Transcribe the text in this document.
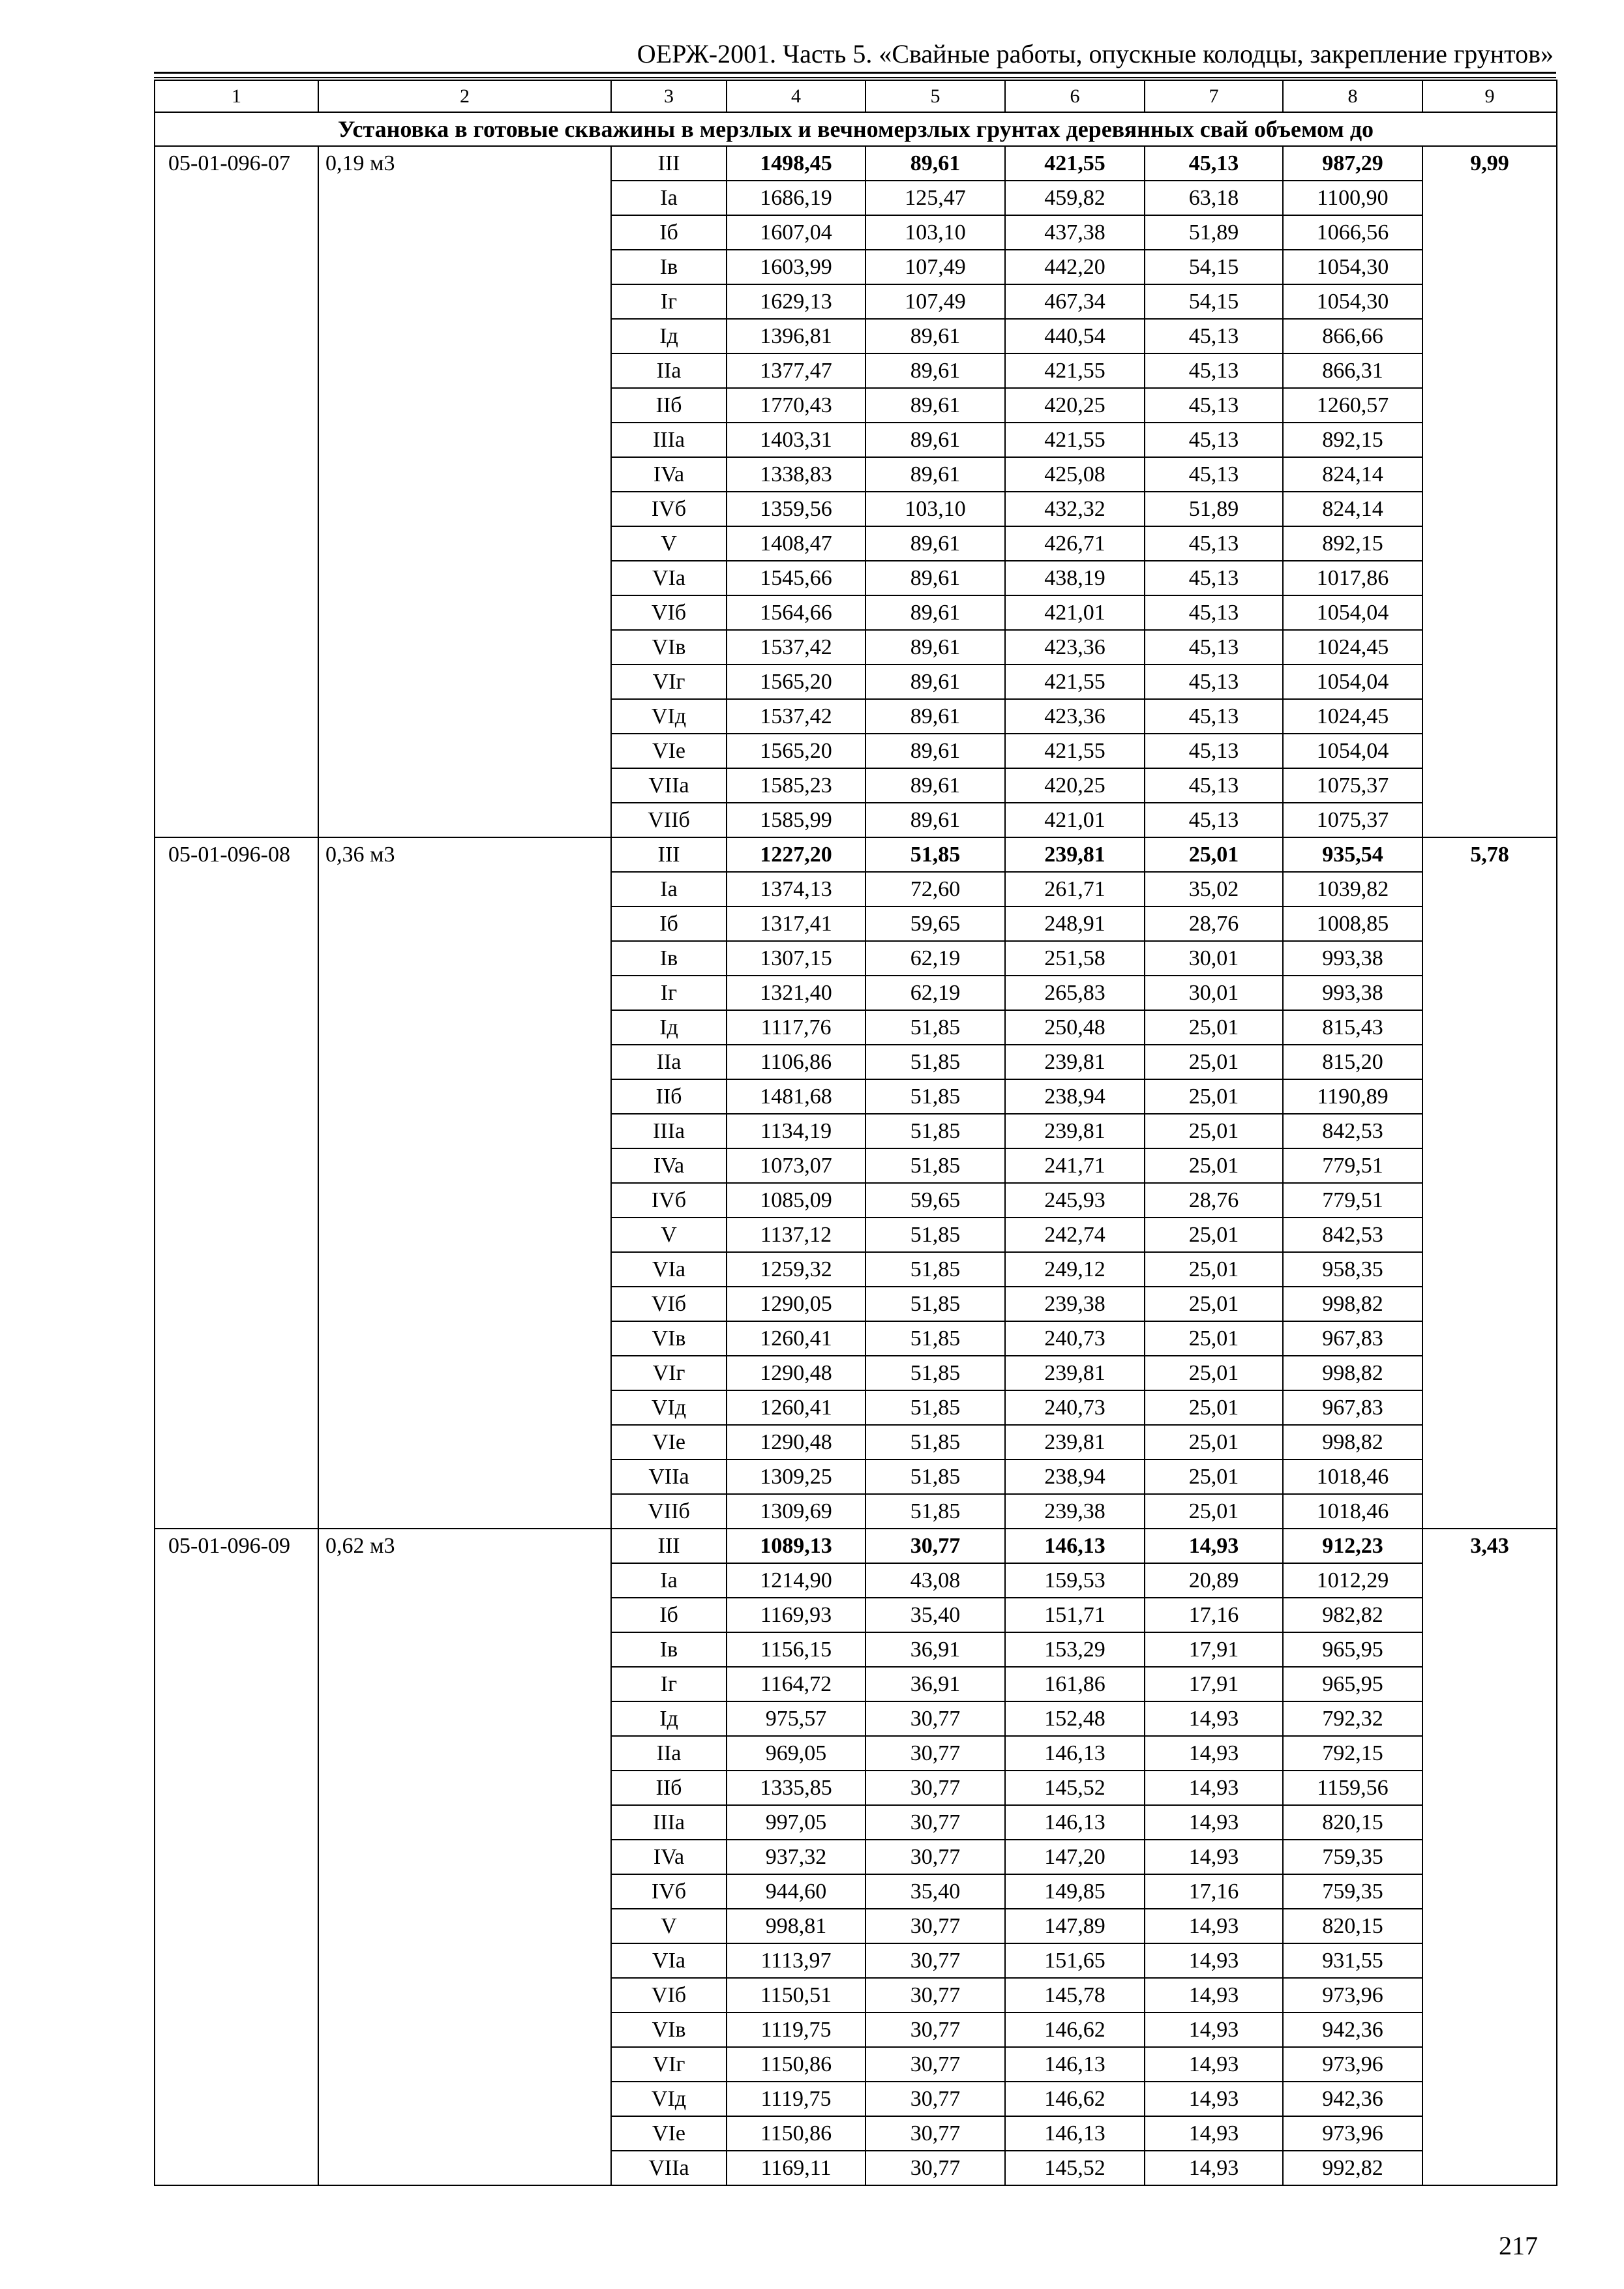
ОЕРЖ-2001. Часть 5. «Свайные работы, опускные колодцы, закрепление грунтов»
1	2	3	4	5	6	7	8	9
Установка в готовые скважины в мерзлых и вечномерзлых грунтах деревянных свай объемом до								
05-01-096-07	0,19 м3	III	1498,45	89,61	421,55	45,13	987,29	9,99
		Ia	1686,19	125,47	459,82	63,18	1100,90	
		Iб	1607,04	103,10	437,38	51,89	1066,56	
		Iв	1603,99	107,49	442,20	54,15	1054,30	
		Iг	1629,13	107,49	467,34	54,15	1054,30	
		Iд	1396,81	89,61	440,54	45,13	866,66	
		IIa	1377,47	89,61	421,55	45,13	866,31	
		IIб	1770,43	89,61	420,25	45,13	1260,57	
		IIIa	1403,31	89,61	421,55	45,13	892,15	
		IVa	1338,83	89,61	425,08	45,13	824,14	
		IVб	1359,56	103,10	432,32	51,89	824,14	
		V	1408,47	89,61	426,71	45,13	892,15	
		VIa	1545,66	89,61	438,19	45,13	1017,86	
		VIб	1564,66	89,61	421,01	45,13	1054,04	
		VIв	1537,42	89,61	423,36	45,13	1024,45	
		VIг	1565,20	89,61	421,55	45,13	1054,04	
		VIд	1537,42	89,61	423,36	45,13	1024,45	
		VIe	1565,20	89,61	421,55	45,13	1054,04	
		VIIa	1585,23	89,61	420,25	45,13	1075,37	
		VIIб	1585,99	89,61	421,01	45,13	1075,37	
05-01-096-08	0,36 м3	III	1227,20	51,85	239,81	25,01	935,54	5,78
		Ia	1374,13	72,60	261,71	35,02	1039,82	
		Iб	1317,41	59,65	248,91	28,76	1008,85	
		Iв	1307,15	62,19	251,58	30,01	993,38	
		Iг	1321,40	62,19	265,83	30,01	993,38	
		Iд	1117,76	51,85	250,48	25,01	815,43	
		IIa	1106,86	51,85	239,81	25,01	815,20	
		IIб	1481,68	51,85	238,94	25,01	1190,89	
		IIIa	1134,19	51,85	239,81	25,01	842,53	
		IVa	1073,07	51,85	241,71	25,01	779,51	
		IVб	1085,09	59,65	245,93	28,76	779,51	
		V	1137,12	51,85	242,74	25,01	842,53	
		VIa	1259,32	51,85	249,12	25,01	958,35	
		VIб	1290,05	51,85	239,38	25,01	998,82	
		VIв	1260,41	51,85	240,73	25,01	967,83	
		VIг	1290,48	51,85	239,81	25,01	998,82	
		VIд	1260,41	51,85	240,73	25,01	967,83	
		VIe	1290,48	51,85	239,81	25,01	998,82	
		VIIa	1309,25	51,85	238,94	25,01	1018,46	
		VIIб	1309,69	51,85	239,38	25,01	1018,46	
05-01-096-09	0,62 м3	III	1089,13	30,77	146,13	14,93	912,23	3,43
		Ia	1214,90	43,08	159,53	20,89	1012,29	
		Iб	1169,93	35,40	151,71	17,16	982,82	
		Iв	1156,15	36,91	153,29	17,91	965,95	
		Iг	1164,72	36,91	161,86	17,91	965,95	
		Iд	975,57	30,77	152,48	14,93	792,32	
		IIa	969,05	30,77	146,13	14,93	792,15	
		IIб	1335,85	30,77	145,52	14,93	1159,56	
		IIIa	997,05	30,77	146,13	14,93	820,15	
		IVa	937,32	30,77	147,20	14,93	759,35	
		IVб	944,60	35,40	149,85	17,16	759,35	
		V	998,81	30,77	147,89	14,93	820,15	
		VIa	1113,97	30,77	151,65	14,93	931,55	
		VIб	1150,51	30,77	145,78	14,93	973,96	
		VIв	1119,75	30,77	146,62	14,93	942,36	
		VIг	1150,86	30,77	146,13	14,93	973,96	
		VIд	1119,75	30,77	146,62	14,93	942,36	
		VIe	1150,86	30,77	146,13	14,93	973,96	
		VIIa	1169,11	30,77	145,52	14,93	992,82	
217
